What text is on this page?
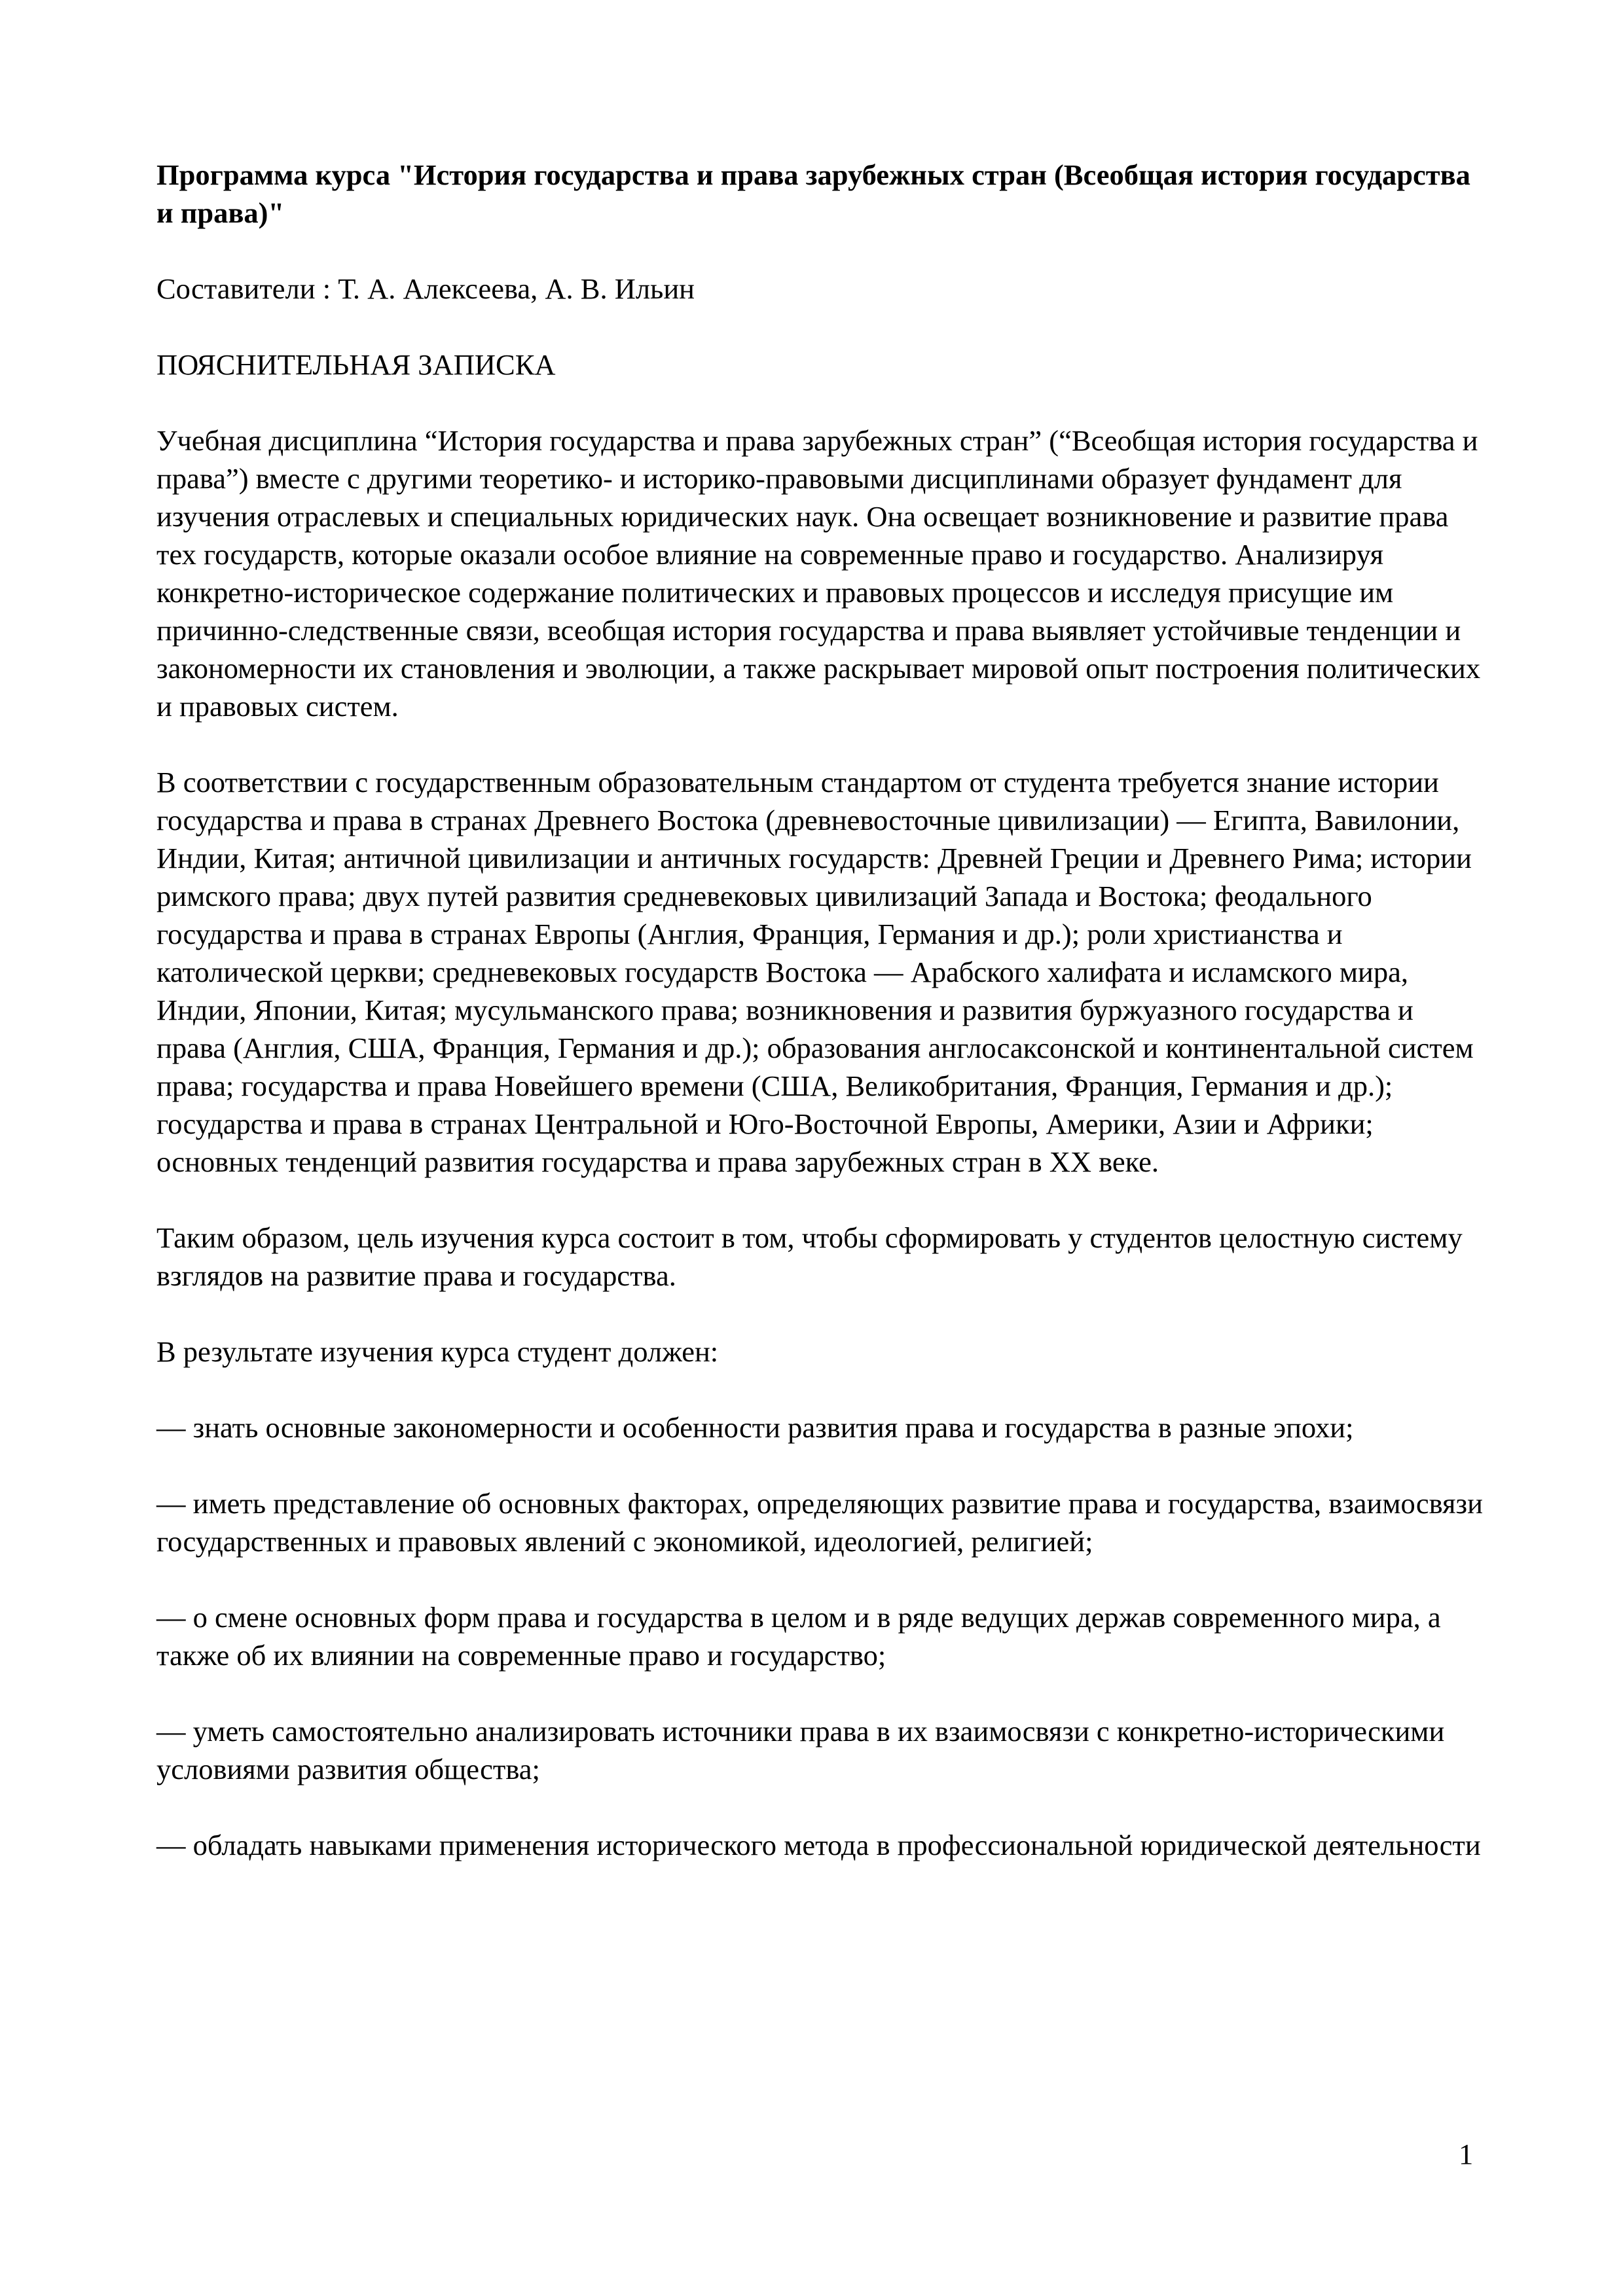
Программа курса "История государства и права зарубежных стран (Всеобщая история государства и права)"

Составители : Т. А. Алексеева, А. В. Ильин

ПОЯСНИТЕЛЬНАЯ ЗАПИСКА

Учебная дисциплина “История государства и права зарубежных стран” (“Всеобщая история государства и права”) вместе с другими теоретико- и историко-правовыми дисциплинами образует фундамент для изучения отраслевых и специальных юридических наук. Она освещает возникновение и развитие права тех государств, которые оказали особое влияние на современные право и государство. Анализируя конкретно-историческое содержание политических и правовых процессов и исследуя присущие им причинно-следственные связи, всеобщая история государства и права выявляет устойчивые тенденции и закономерности их становления и эволюции, а также раскрывает мировой опыт построения политических и правовых систем.

В соответствии с государственным образовательным стандартом от студента требуется знание истории государства и права в странах Древнего Востока (древневосточные цивилизации) — Египта, Вавилонии, Индии, Китая; античной цивилизации и античных государств: Древней Греции и Древнего Рима; истории римского права; двух путей развития средневековых цивилизаций Запада и Востока; феодального государства и права в странах Европы (Англия, Франция, Германия и др.); роли христианства и католической церкви; средневековых государств Востока — Арабского халифата и исламского мира, Индии, Японии, Китая; мусульманского права; возникновения и развития буржуазного государства и права (Англия, США, Франция, Германия и др.); образования англосаксонской и континентальной систем права; государства и права Новейшего времени (США, Великобритания, Франция, Германия и др.); государства и права в странах Центральной и Юго-Восточной Европы, Америки, Азии и Африки; основных тенденций развития государства и права зарубежных стран в XX веке.

Таким образом, цель изучения курса состоит в том, чтобы сформировать у студентов целостную систему взглядов на развитие права и государства.

В результате изучения курса студент должен:

— знать основные закономерности и особенности развития права и государства в разные эпохи;

— иметь представление об основных факторах, определяющих развитие права и государства, взаимосвязи государственных и правовых явлений с экономикой, идеологией, религией;

— о смене основных форм права и государства в целом и в ряде ведущих держав современного мира, а также об их влиянии на современные право и государство;

— уметь самостоятельно анализировать источники права в их взаимосвязи с конкретно-историческими условиями развития общества;

— обладать навыками применения исторического метода в профессиональной юридической деятельности

1
